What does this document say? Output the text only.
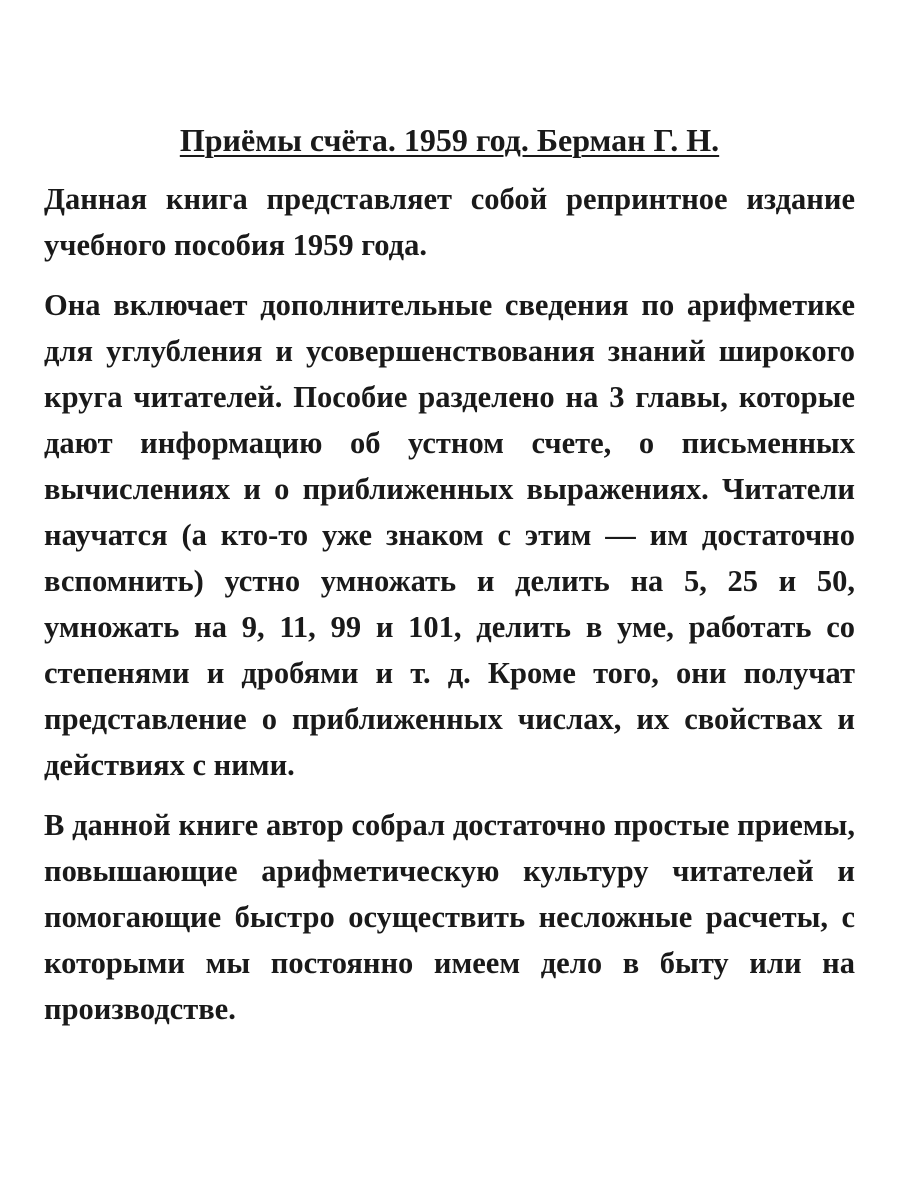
Приёмы счёта. 1959 год. Берман Г. Н.

Данная книга представляет собой репринтное издание учебного пособия 1959 года.

Она включает дополнительные сведения по арифметике для углубления и усовершенствования знаний широкого круга читателей. Пособие разделено на 3 главы, которые дают информацию об устном счете, о письменных вычислениях и о приближенных выражениях. Читатели научатся (а кто-то уже знаком с этим — им достаточно вспомнить) устно умножать и делить на 5, 25 и 50, умножать на 9, 11, 99 и 101, делить в уме, работать со степенями и дробями и т. д. Кроме того, они получат представление о приближенных числах, их свойствах и действиях с ними.

В данной книге автор собрал достаточно простые приемы, повышающие арифметическую культуру читателей и помогающие быстро осуществить несложные расчеты, с которыми мы постоянно имеем дело в быту или на производстве.
